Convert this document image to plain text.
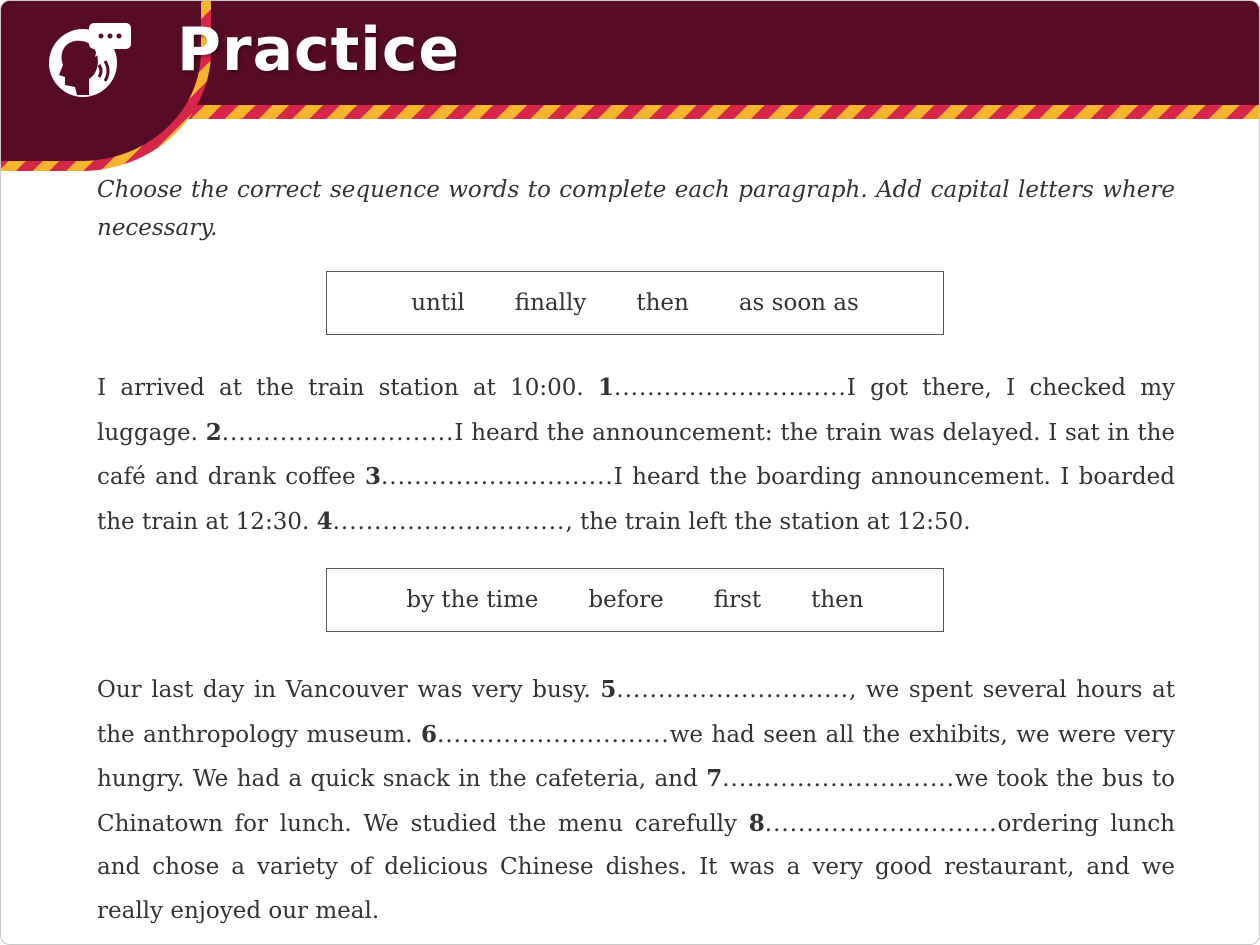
Practice
Choose the correct sequence words to complete each paragraph. Add capital letters where necessary.
until finally then as soon as
I arrived at the train station at 10:00. 1............................I got there, I checked my luggage. 2............................I heard the announcement: the train was delayed. I sat in the café and drank coffee 3............................I heard the boarding announcement. I boarded the train at 12:30. 4............................, the train left the station at 12:50.
by the time before first then
Our last day in Vancouver was very busy. 5............................, we spent several hours at the anthropology museum. 6............................we had seen all the exhibits, we were very hungry. We had a quick snack in the cafeteria, and 7............................we took the bus to Chinatown for lunch. We studied the menu carefully 8............................ordering lunch and chose a variety of delicious Chinese dishes. It was a very good restaurant, and we really enjoyed our meal.
